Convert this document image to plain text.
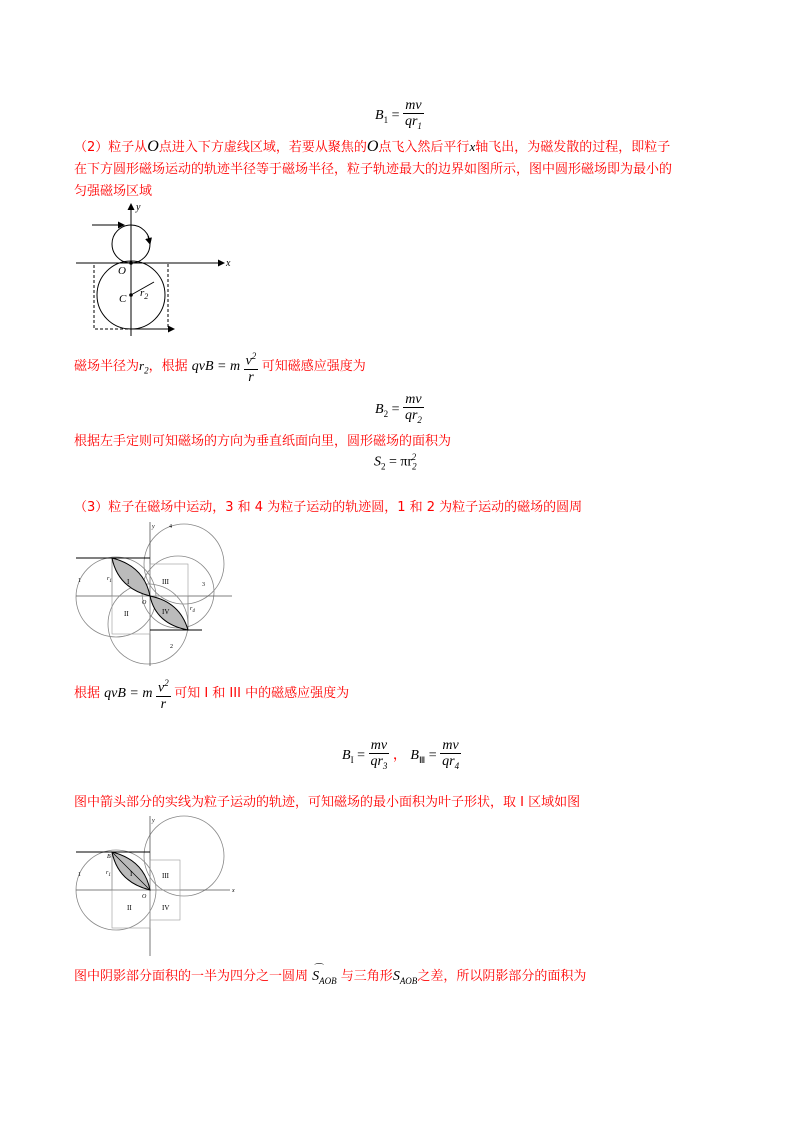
$B_1 = \frac{mv}{qr_1}$
（2）粒子从O点进入下方虚线区域，若要从聚焦的O点飞入然后平行x轴飞出，为磁发散的过程，即粒子
在下方圆形磁场运动的轨迹半径等于磁场半径，粒子轨迹最大的边界如图所示，图中圆形磁场即为最小的
匀强磁场区域
y
x
O
C $r_2$
磁场半径为$r_2$，根据 qvB = m $\frac{v^2}{r}$ 可知磁感应强度为
$B_2 = \frac{mv}{qr_2}$
根据左手定则可知磁场的方向为垂直纸面向里，圆形磁场的面积为
$S_2 = \pi r_2^2$
（3）粒子在磁场中运动，3 和 4 为粒子运动的轨迹圆，1 和 2 为粒子运动的磁场的圆周
4
y
1
3
2
I	III
II	IV
$r_1$
$r_4$
O
根据 qvB = m $\frac{v^2}{r}$ 可知 I 和 III 中的磁感应强度为
$B_I = \frac{mv}{qr_3}$ ， $B_Ⅲ = \frac{mv}{qr_4}$
图中箭头部分的实线为粒子运动的轨迹，可知磁场的最小面积为叶子形状，取 I 区域如图
y
x
1
B
I	III
II	IV
$r_1$
O
图中阴影部分面积的一半为四分之一圆周 ⌒
$S_{AOB}$ 与三角形$S_{AOB}$之差，所以阴影部分的面积为
